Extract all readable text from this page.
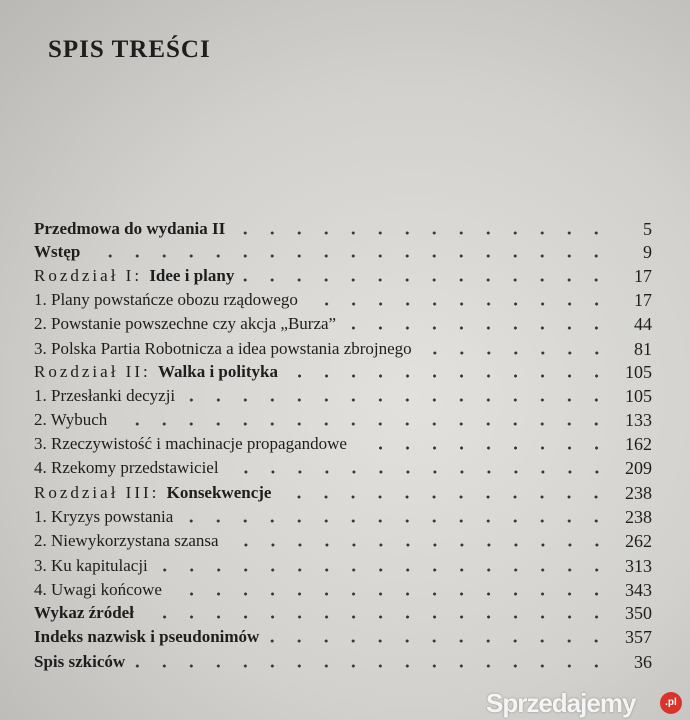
SPIS TREŚCI
Przedmowa do wydania II	5
Wstęp	9
Rozdział I: Idee i plany	17
1. Plany powstańcze obozu rządowego	17
2. Powstanie powszechne czy akcja „Burza”	44
3. Polska Partia Robotnicza a idea powstania zbrojnego	81
Rozdział II: Walka i polityka	105
1. Przesłanki decyzji	105
2. Wybuch	133
3. Rzeczywistość i machinacje propagandowe	162
4. Rzekomy przedstawiciel	209
Rozdział III: Konsekwencje	238
1. Kryzys powstania	238
2. Niewykorzystana szansa	262
3. Ku kapitulacji	313
4. Uwagi końcowe	343
Wykaz źródeł	350
Indeks nazwisk i pseudonimów	357
Spis szkiców	36
Sprzedajemy	.pl
